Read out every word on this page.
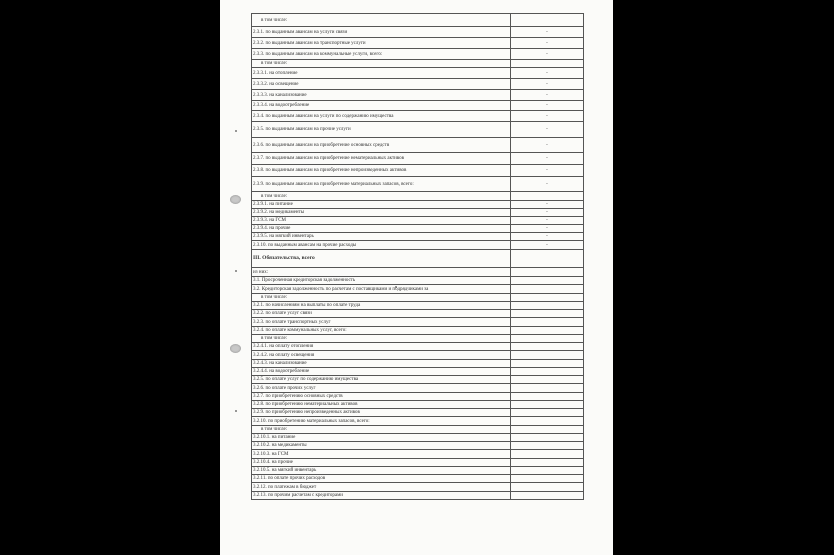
в том числе:	
2.3.1. по выданным авансам на услуги связи	-
2.3.2. по выданным авансам на транспортные услуги	-
2.3.3. по выданным авансам на коммунальные услуги, всего:	-
в том числе:	
2.3.3.1. на отопление	-
2.3.3.2. на освещение	-
2.3.3.3. на канализование	-
2.3.3.4. на водоотребление	-
2.3.4. по выданным авансам на услуги по содержанию имущества	-
2.3.5. по выданным авансам на прочие услуги	-
2.3.6. по выданным авансам на приобретение основных средств	-
2.3.7. по выданным авансам на приобретение нематериальных активов	-
2.3.8. по выданным авансам на приобретение непроизведенных активов	-
2.3.9. по выданным авансам на приобретение материальных запасов, всего:	-
в том числе:	
2.3.9.1. на питание	-
2.3.9.2. на медикаменты	-
2.3.9.3. на ГСМ	-
2.3.9.4. на прочие	-
2.3.9.5. на мягкий инвентарь	-
2.3.10. по выданным авансам на прочие расходы	-
III. Обязательства, всего	
из них:	
3.1. Просроченная кредиторская задолженность	
3.2. Кредиторская задолженность по расчетам с поставщиками и подрядчиками за	
в том числе:	
3.2.1. по начислениям на выплаты по оплате труда	
3.2.2. по оплате услуг связи	
3.2.3. по оплате транспортных услуг	
3.2.4. по оплате коммунальных услуг, всего:	
в том числе:	
3.2.4.1. на оплату отопления	
3.2.4.2. на оплату освещения	
3.2.4.3. на канализование	
3.2.4.4. на водоотребление	
3.2.5. по оплате услуг по содержанию имущества	
3.2.6. по оплате прочих услуг	
3.2.7. по приобретению основных средств	
3.2.8. по приобретению нематериальных активов	
3.2.9. по приобретению непроизведенных активов	
3.2.10. по приобретению материальных запасов, всего:	
в том числе:	
3.2.10.1. на питание	
3.2.10.2. на медикаменты	
3.2.10.3. на ГСМ	
3.2.10.4. на прочие	
3.2.10.5. на мягкий инвентарь	
3.2.11. по оплате прочих расходов	
3.2.12. по платежам в бюджет	
3.2.13. по прочим расчетам с кредиторами	
